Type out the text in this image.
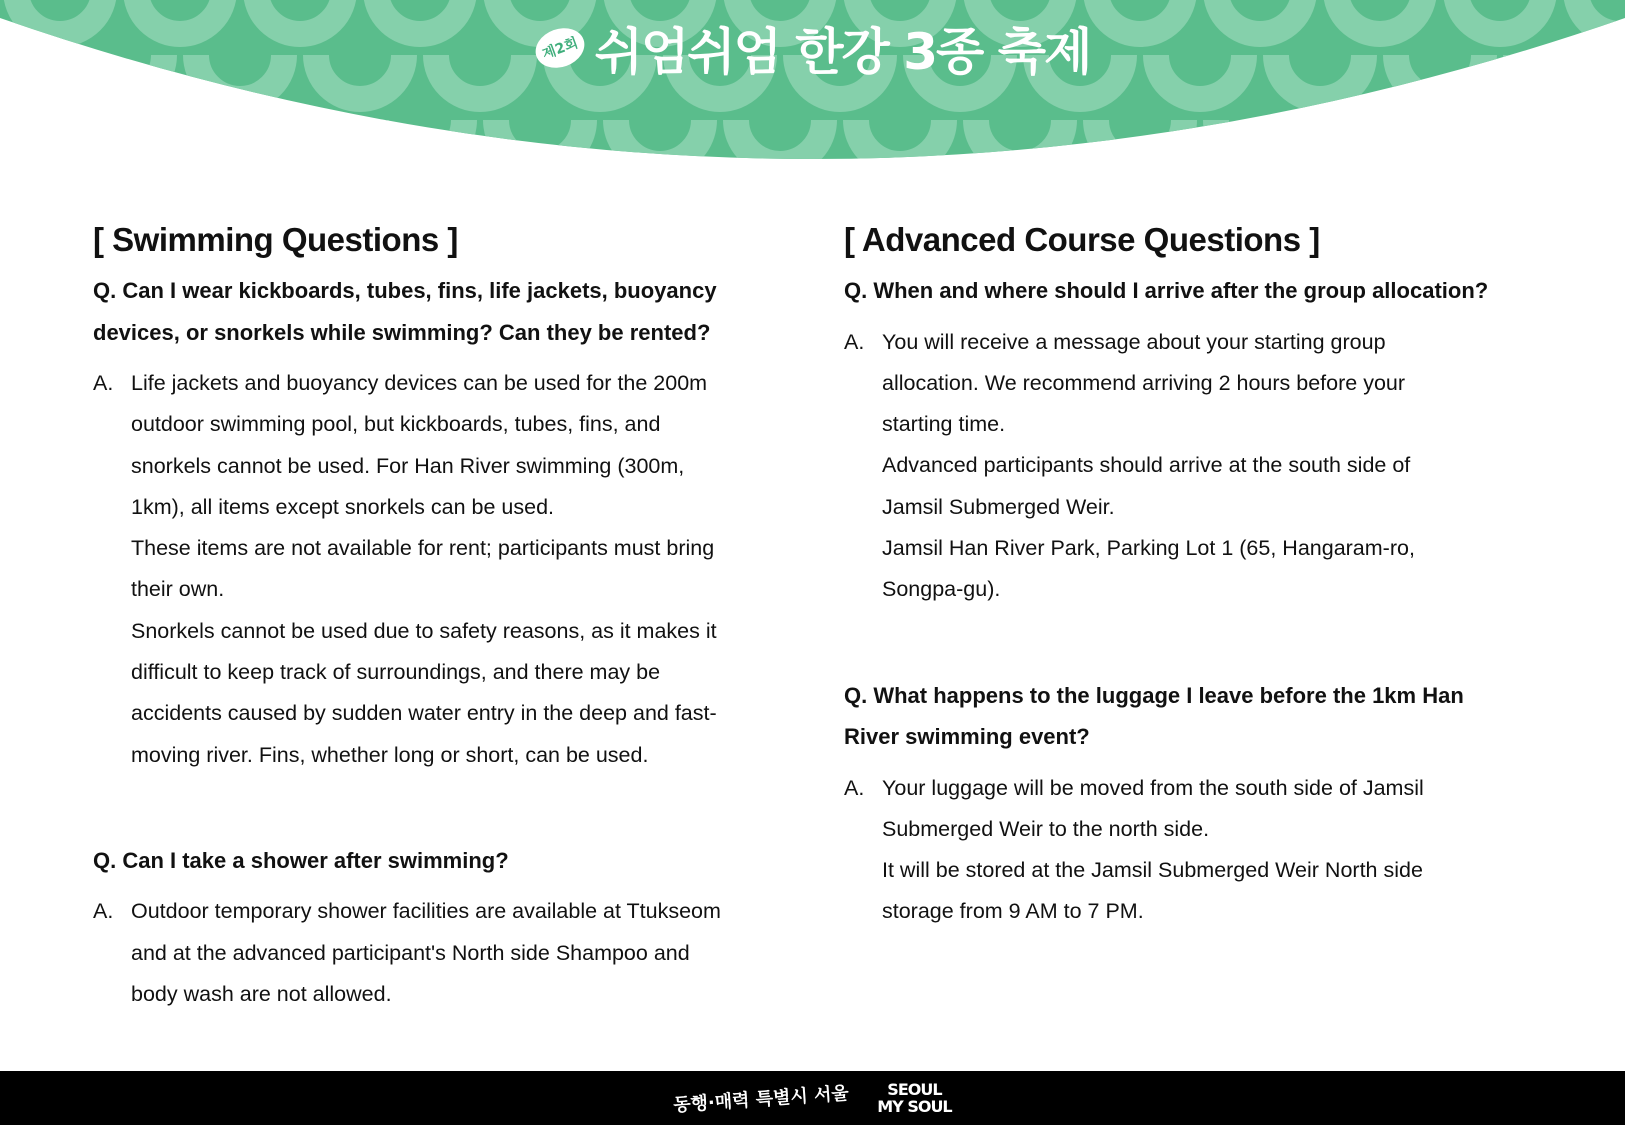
제2회 쉬엄쉬엄 한강 3종 축제
[ Swimming Questions ]
Q. Can I wear kickboards, tubes, fins, life jackets, buoyancy
devices, or snorkels while swimming? Can they be rented?
A. Life jackets and buoyancy devices can be used for the 200m
outdoor swimming pool, but kickboards, tubes, fins, and
snorkels cannot be used. For Han River swimming (300m,
1km), all items except snorkels can be used.
These items are not available for rent; participants must bring
their own.
Snorkels cannot be used due to safety reasons, as it makes it
difficult to keep track of surroundings, and there may be
accidents caused by sudden water entry in the deep and fast-
moving river. Fins, whether long or short, can be used.
Q. Can I take a shower after swimming?
A. Outdoor temporary shower facilities are available at Ttukseom
and at the advanced participant's North side Shampoo and
body wash are not allowed.
[ Advanced Course Questions ]
Q. When and where should I arrive after the group allocation?
A. You will receive a message about your starting group
allocation. We recommend arriving 2 hours before your
starting time.
Advanced participants should arrive at the south side of
Jamsil Submerged Weir.
Jamsil Han River Park, Parking Lot 1 (65, Hangaram-ro,
Songpa-gu).
Q. What happens to the luggage I leave before the 1km Han
River swimming event?
A. Your luggage will be moved from the south side of Jamsil
Submerged Weir to the north side.
It will be stored at the Jamsil Submerged Weir North side
storage from 9 AM to 7 PM.
동행·매력 특별시 서울	SEOUL
MY SOUL
